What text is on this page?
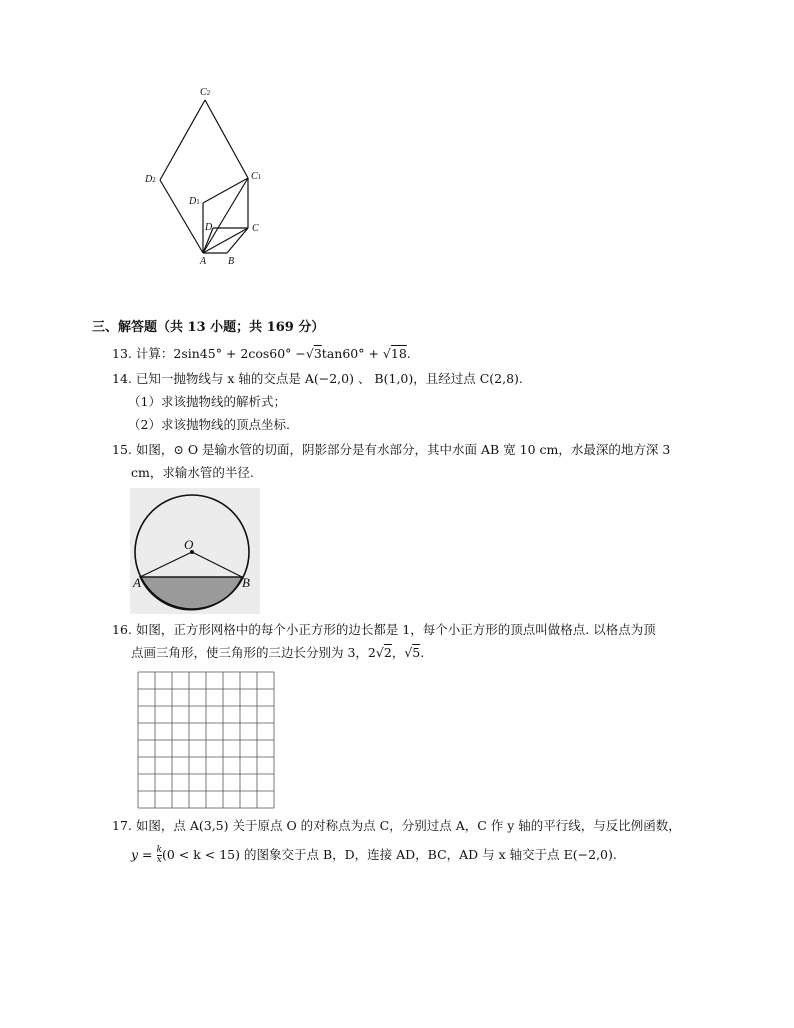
C2
D2	C1
D1
D	C
A B
三、解答题（共 13 小题；共 169 分）
13. 计算：2sin45° + 2cos60° −√3tan60° + √18.
14. 已知一抛物线与 x 轴的交点是 A(−2,0) 、 B(1,0)，且经过点 C(2,8).
（1）求该抛物线的解析式；
（2）求该抛物线的顶点坐标.
15. 如图，⊙ O 是输水管的切面，阴影部分是有水部分，其中水面 AB 宽 10 cm，水最深的地方深 3
cm，求输水管的半径.
O
A	B
16. 如图，正方形网格中的每个小正方形的边长都是 1，每个小正方形的顶点叫做格点. 以格点为顶
点画三角形，使三角形的三边长分别为 3，2√2，√5.
17. 如图，点 A(3,5) 关于原点 O 的对称点为点 C，分别过点 A，C 作 y 轴的平行线，与反比例函数，
$y = \frac{k}{x} (0 < k < 15)$ 的图象交于点 B，D，连接 AD，BC，AD 与 x 轴交于点 E(−2,0).
